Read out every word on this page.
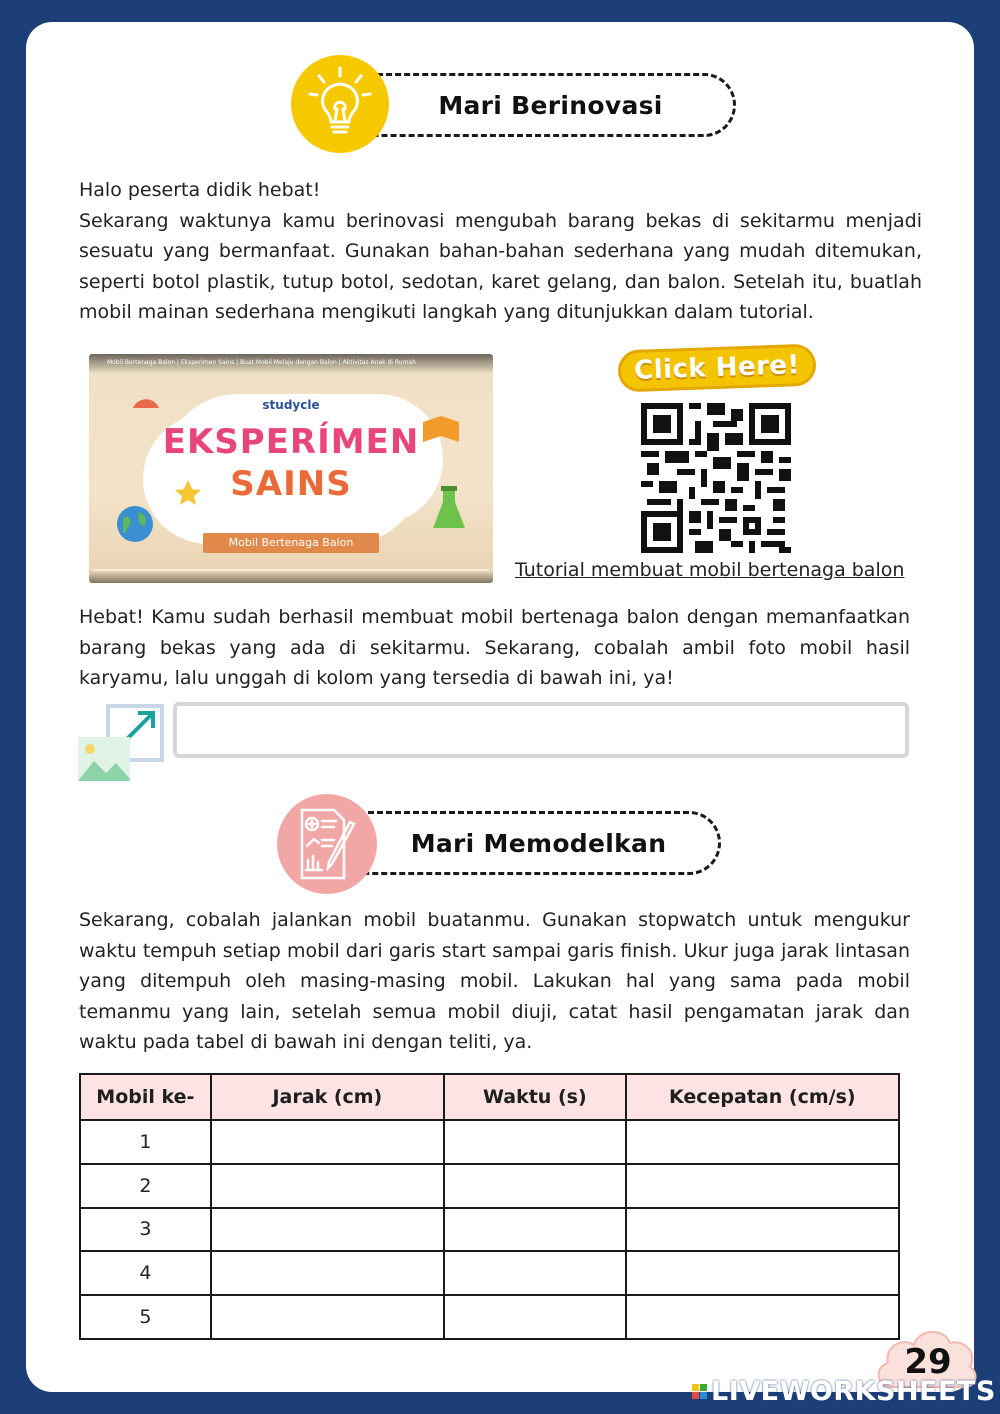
Mari Berinovasi

Halo peserta didik hebat!

Sekarang waktunya kamu berinovasi mengubah barang bekas di sekitarmu menjadi sesuatu yang bermanfaat. Gunakan bahan-bahan sederhana yang mudah ditemukan, seperti botol plastik, tutup botol, sedotan, karet gelang, dan balon. Setelah itu, buatlah mobil mainan sederhana mengikuti langkah yang ditunjukkan dalam tutorial.

Mobil Bertenaga Balon | Eksperimen Sains | Buat Mobil Melaju dengan Balon | Aktivitas Anak di Rumah
studycle
EKSPERÍMEN
SAINS
Mobil Bertenaga Balon
Click Here!
Tutorial membuat mobil bertenaga balon
Hebat! Kamu sudah berhasil membuat mobil bertenaga balon dengan memanfaatkan barang bekas yang ada di sekitarmu. Sekarang, cobalah ambil foto mobil hasil karyamu, lalu unggah di kolom yang tersedia di bawah ini, ya!
Mari Memodelkan
Sekarang, cobalah jalankan mobil buatanmu. Gunakan stopwatch untuk mengukur waktu tempuh setiap mobil dari garis start sampai garis finish. Ukur juga jarak lintasan yang ditempuh oleh masing-masing mobil. Lakukan hal yang sama pada mobil temanmu yang lain, setelah semua mobil diuji, catat hasil pengamatan jarak dan waktu pada tabel di bawah ini dengan teliti, ya.
Mobil ke-	Jarak (cm)	Waktu (s)	Kecepatan (cm/s)
1			
2			
3			
4			
5			
29
LIVEWORKSHEETS
